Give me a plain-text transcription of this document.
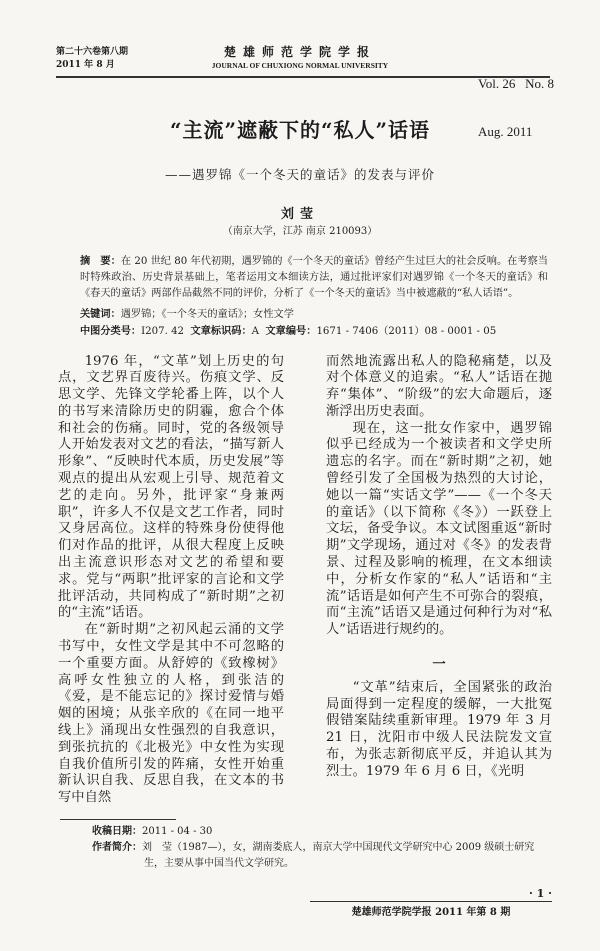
第二十六卷第八期
2011 年 8 月
楚雄师范学院学报
JOURNAL OF CHUXIONG NORMAL UNIVERSITY

Vol. 26   No. 8

Aug. 2011

“主流”遮蔽下的“私人”话语
——遇罗锦《一个冬天的童话》的发表与评价
刘莹
（南京大学，江苏 南京 210093）
摘　要：在 20 世纪 80 年代初期，遇罗锦的《一个冬天的童话》曾经产生过巨大的社会反响。在考察当时特殊政治、历史背景基础上，笔者运用文本细读方法，通过批评家们对遇罗锦《一个冬天的童话》和《春天的童话》两部作品截然不同的评价，分析了《一个冬天的童话》当中被遮蔽的“私人话语”。
关键词：遇罗锦；《一个冬天的童话》；女性文学
中图分类号：I207. 42 文章标识码：A 文章编号：1671 - 7406（2011）08 - 0001 - 05

1976 年，“文革”划上历史的句点，文艺界百废待兴。伤痕文学、反思文学、先锋文学轮番上阵，以个人的书写来清除历史的阴霾，愈合个体和社会的伤痛。同时，党的各级领导人开始发表对文艺的看法，“描写新人形象”、“反映时代本质，历史发展”等观点的提出从宏观上引导、规范着文艺的走向。另外，批评家“身兼两职”，许多人不仅是文艺工作者，同时又身居高位。这样的特殊身份使得他们对作品的批评，从很大程度上反映出主流意识形态对文艺的希望和要求。党与“两职”批评家的言论和文学批评活动，共同构成了“新时期”之初的“主流”话语。

在“新时期”之初风起云涌的文学书写中，女性文学是其中不可忽略的一个重要方面。从舒婷的《致橡树》高呼女性独立的人格，到张洁的《爱，是不能忘记的》探讨爱情与婚姻的困境；从张辛欣的《在同一地平线上》涌现出女性强烈的自我意识，到张抗抗的《北极光》中女性为实现自我价值所引发的阵痛，女性开始重新认识自我、反思自我，在文本的书写中自然

而然地流露出私人的隐秘痛楚，以及对个体意义的追索。“私人”话语在抛弃“集体”、“阶级”的宏大命题后，逐渐浮出历史表面。

现在，这一批女作家中，遇罗锦似乎已经成为一个被读者和文学史所遗忘的名字。而在“新时期”之初，她曾经引发了全国极为热烈的大讨论，她以一篇“实话文学”——《一个冬天的童话》（以下简称《冬》）一跃登上文坛，备受争议。本文试图重返“新时期”文学现场，通过对《冬》的发表背景、过程及影响的梳理，在文本细读中，分析女作家的“私人”话语和“主流”话语是如何产生不可弥合的裂痕，而“主流”话语又是通过何种行为对“私人”话语进行规约的。

一

“文革”结束后，全国紧张的政治局面得到一定程度的缓解，一大批冤假错案陆续重新审理。1979 年 3 月 21 日，沈阳市中级人民法院发文宣布，为张志新彻底平反，并追认其为烈士。1979 年 6 月 6 日，《光明

收稿日期：2011 - 04 - 30
作者简介：刘　莹（1987—），女，湖南娄底人，南京大学中国现代文学研究中心 2009 级硕士研究生，主要从事中国当代文学研究。
· 1 ·
楚雄师范学院学报 2011 年第 8 期
